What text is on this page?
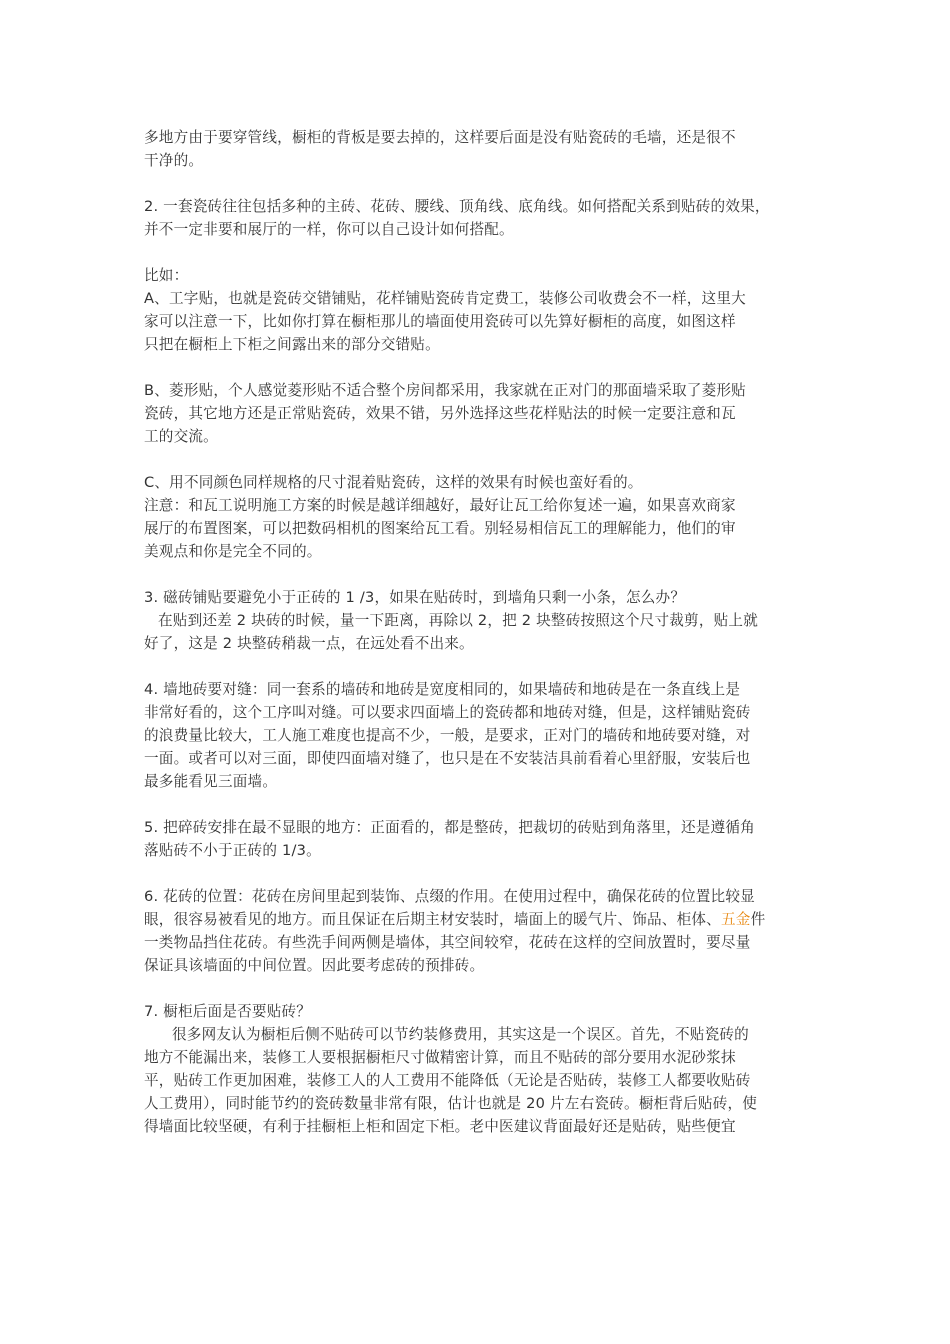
多地方由于要穿管线，橱柜的背板是要去掉的，这样要后面是没有贴瓷砖的毛墙，还是很不
干净的。
2. 一套瓷砖往往包括多种的主砖、花砖、腰线、顶角线、底角线。如何搭配关系到贴砖的效果，
并不一定非要和展厅的一样，你可以自己设计如何搭配。
比如：
A、工字贴，也就是瓷砖交错铺贴，花样铺贴瓷砖肯定费工，装修公司收费会不一样，这里大
家可以注意一下，比如你打算在橱柜那儿的墙面使用瓷砖可以先算好橱柜的高度，如图这样
只把在橱柜上下柜之间露出来的部分交错贴。
B、菱形贴，个人感觉菱形贴不适合整个房间都采用，我家就在正对门的那面墙采取了菱形贴
瓷砖，其它地方还是正常贴瓷砖，效果不错，另外选择这些花样贴法的时候一定要注意和瓦
工的交流。
C、用不同颜色同样规格的尺寸混着贴瓷砖，这样的效果有时候也蛮好看的。
注意：和瓦工说明施工方案的时候是越详细越好，最好让瓦工给你复述一遍，如果喜欢商家
展厅的布置图案，可以把数码相机的图案给瓦工看。别轻易相信瓦工的理解能力，他们的审
美观点和你是完全不同的。
3. 磁砖铺贴要避免小于正砖的 1 /3，如果在贴砖时，到墙角只剩一小条，怎么办？
在贴到还差 2 块砖的时候，量一下距离，再除以 2，把 2 块整砖按照这个尺寸裁剪，贴上就
好了，这是 2 块整砖稍裁一点，在远处看不出来。
4. 墙地砖要对缝：同一套系的墙砖和地砖是宽度相同的，如果墙砖和地砖是在一条直线上是
非常好看的，这个工序叫对缝。可以要求四面墙上的瓷砖都和地砖对缝，但是，这样铺贴瓷砖
的浪费量比较大，工人施工难度也提高不少，一般，是要求，正对门的墙砖和地砖要对缝，对
一面。或者可以对三面，即使四面墙对缝了，也只是在不安装洁具前看着心里舒服，安装后也
最多能看见三面墙。
5. 把碎砖安排在最不显眼的地方：正面看的，都是整砖，把裁切的砖贴到角落里，还是遵循角
落贴砖不小于正砖的 1/3。
6. 花砖的位置：花砖在房间里起到装饰、点缀的作用。在使用过程中，确保花砖的位置比较显
眼，很容易被看见的地方。而且保证在后期主材安装时，墙面上的暖气片、饰品、柜体、五金件
一类物品挡住花砖。有些洗手间两侧是墙体，其空间较窄，花砖在这样的空间放置时，要尽量
保证具该墙面的中间位置。因此要考虑砖的预排砖。
7. 橱柜后面是否要贴砖？
很多网友认为橱柜后侧不贴砖可以节约装修费用，其实这是一个误区。首先，不贴瓷砖的
地方不能漏出来，装修工人要根据橱柜尺寸做精密计算，而且不贴砖的部分要用水泥砂浆抹
平，贴砖工作更加困难，装修工人的人工费用不能降低（无论是否贴砖，装修工人都要收贴砖
人工费用），同时能节约的瓷砖数量非常有限，估计也就是 20 片左右瓷砖。橱柜背后贴砖，使
得墙面比较坚硬，有利于挂橱柜上柜和固定下柜。老中医建议背面最好还是贴砖，贴些便宜
